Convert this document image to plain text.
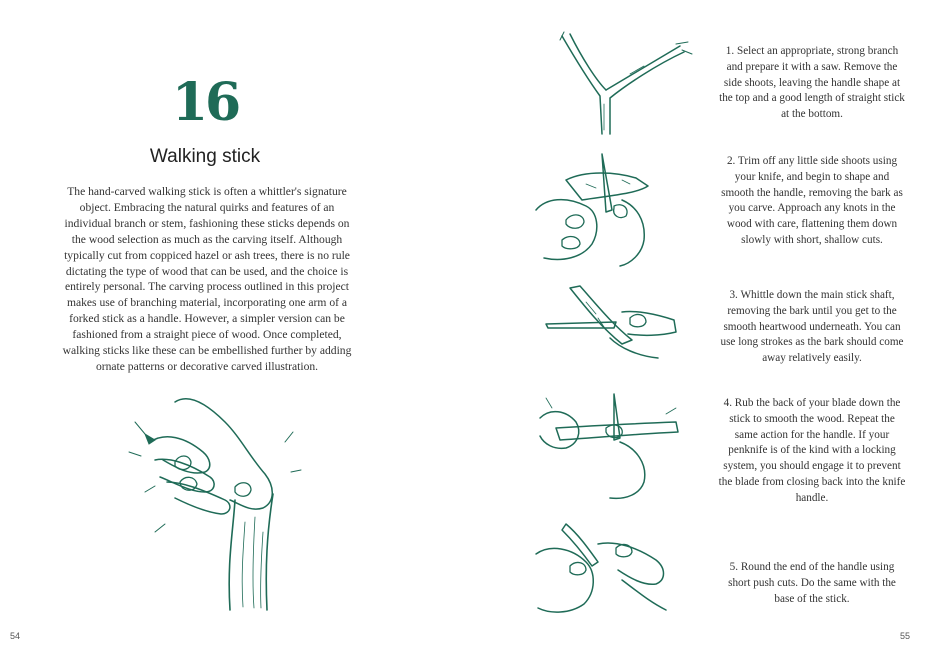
16
Walking stick
The hand-carved walking stick is often a whittler's signature object. Embracing the natural quirks and features of an individual branch or stem, fashioning these sticks depends on the wood selection as much as the carving itself. Although typically cut from coppiced hazel or ash trees, there is no rule dictating the type of wood that can be used, and the choice is entirely personal. The carving process outlined in this project makes use of branching material, incorporating one arm of a forked stick as a handle. However, a simpler version can be fashioned from a straight piece of wood. Once completed, walking sticks like these can be embellished further by adding ornate patterns or decorative carved illustration.
54	55
1. Select an appropriate, strong branch and prepare it with a saw. Remove the side shoots, leaving the handle shape at the top and a good length of straight stick at the bottom.
2. Trim off any little side shoots using your knife, and begin to shape and smooth the handle, removing the bark as you carve. Approach any knots in the wood with care, flattening them down slowly with short, shallow cuts.
3. Whittle down the main stick shaft, removing the bark until you get to the smooth heartwood underneath. You can use long strokes as the bark should come away relatively easily.
4. Rub the back of your blade down the stick to smooth the wood. Repeat the same action for the handle. If your penknife is of the kind with a locking system, you should engage it to prevent the blade from closing back into the knife handle.
5. Round the end of the handle using short push cuts. Do the same with the base of the stick.
